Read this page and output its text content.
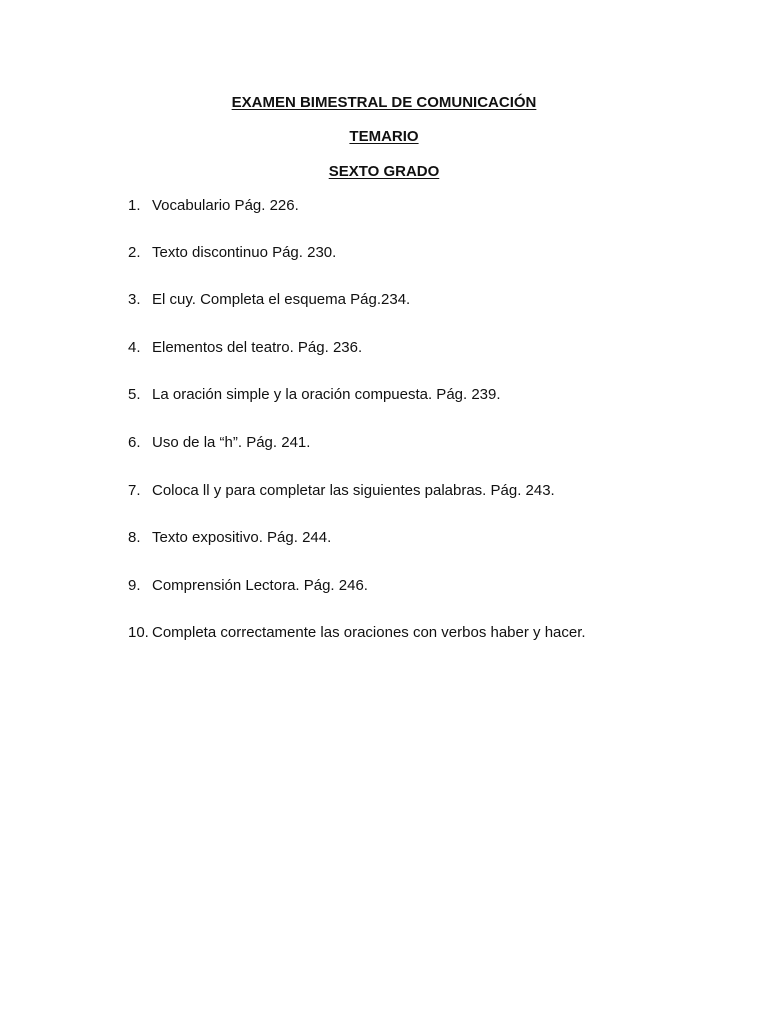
EXAMEN BIMESTRAL DE COMUNICACIÓN
TEMARIO
SEXTO GRADO
1. Vocabulario Pág. 226.
2. Texto discontinuo Pág. 230.
3. El cuy. Completa el esquema Pág.234.
4. Elementos del teatro. Pág. 236.
5. La oración simple y la oración compuesta. Pág. 239.
6. Uso de la “h”. Pág. 241.
7. Coloca ll y para completar las siguientes palabras. Pág. 243.
8. Texto expositivo. Pág. 244.
9. Comprensión Lectora. Pág. 246.
10. Completa correctamente las oraciones con verbos haber y hacer.
